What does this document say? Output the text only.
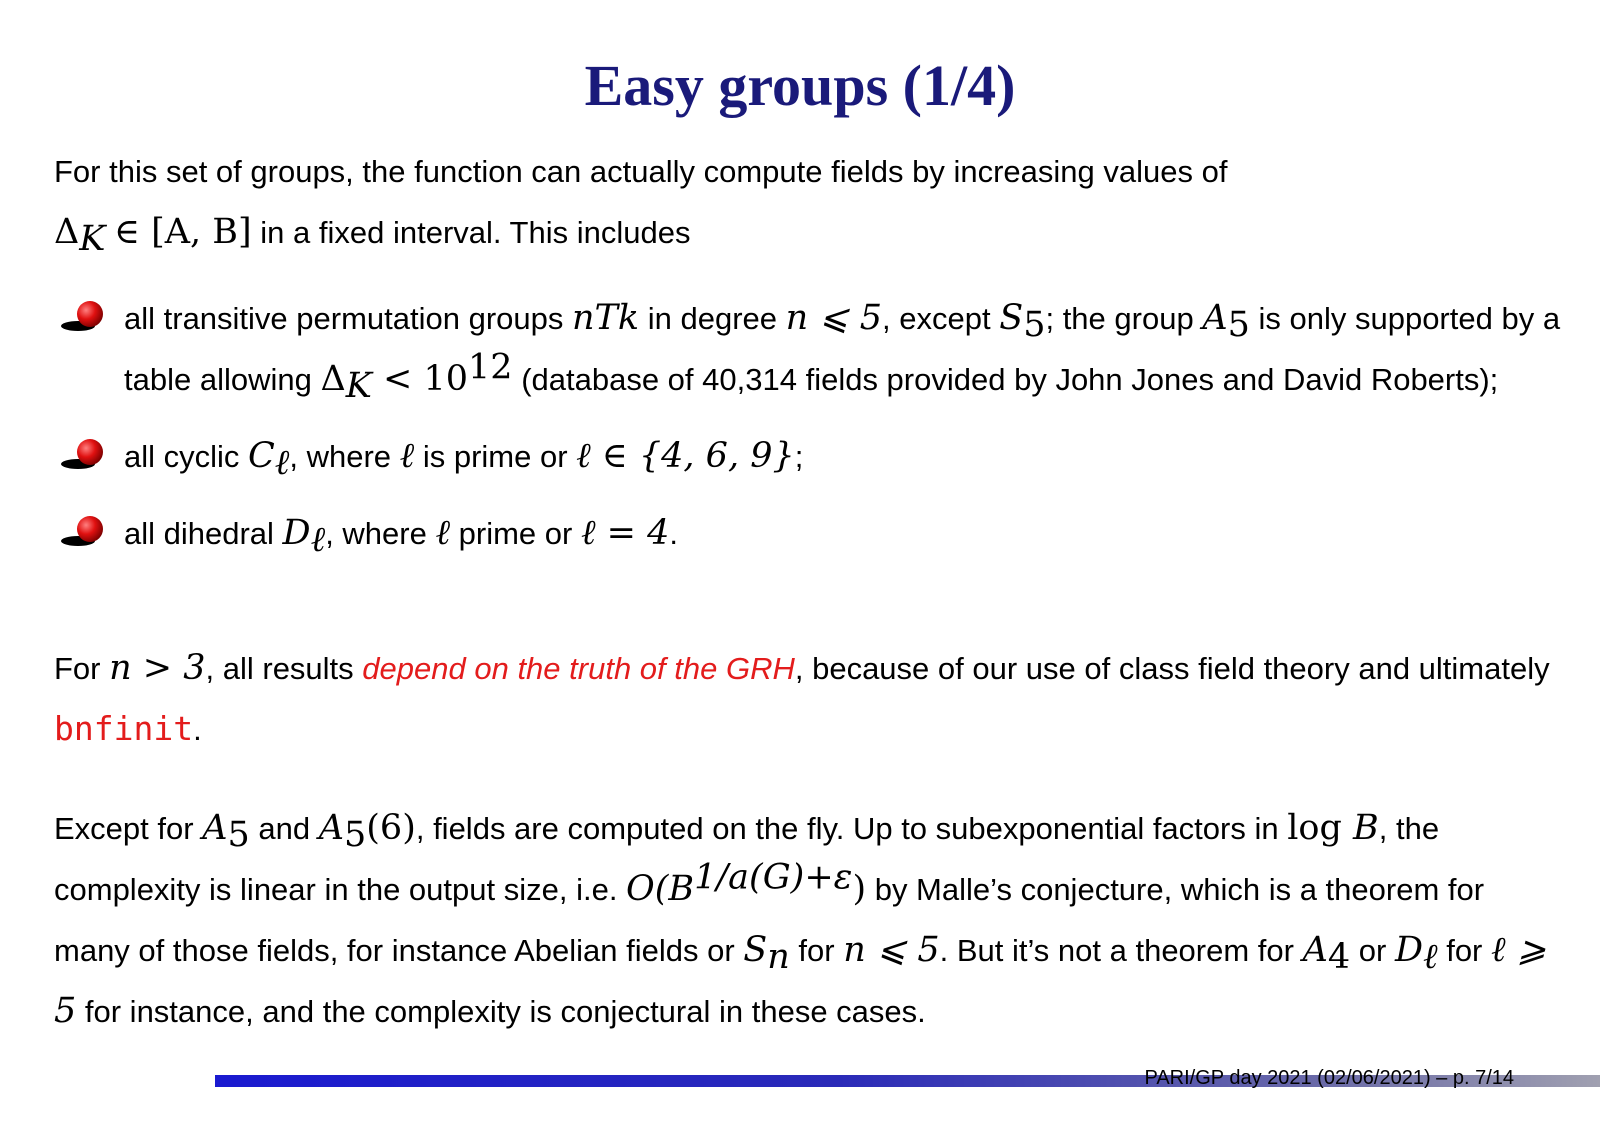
Easy groups (1/4)

For this set of groups, the function can actually compute fields by increasing values of
$\Delta_K$ ∈ [A, B] in a fixed interval. This includes

all transitive permutation groups nTk in degree n ⩽ 5, except $S_5$; the group $A_5$ is only supported by a table allowing $\Delta_K < 10^{12}$ (database of 40,314 fields provided by John Jones and David Roberts);
all cyclic $C_\ell$, where ℓ is prime or ℓ ∈ {4, 6, 9};
all dihedral $D_\ell$, where ℓ prime or ℓ = 4.

For n > 3, all results depend on the truth of the GRH, because of our use of class field theory and ultimately bnfinit.

Except for $A_5$ and $A_5(6)$, fields are computed on the fly. Up to subexponential factors in log B, the complexity is linear in the output size, i.e. $O(B^{1/a(G)+\varepsilon})$ by Malle’s conjecture, which is a theorem for many of those fields, for instance Abelian fields or $S_n$ for n ⩽ 5. But it’s not a theorem for $A_4$ or $D_\ell$ for ℓ ⩾ 5 for instance, and the complexity is conjectural in these cases.

PARI/GP day 2021 (02/06/2021) – p. 7/14
